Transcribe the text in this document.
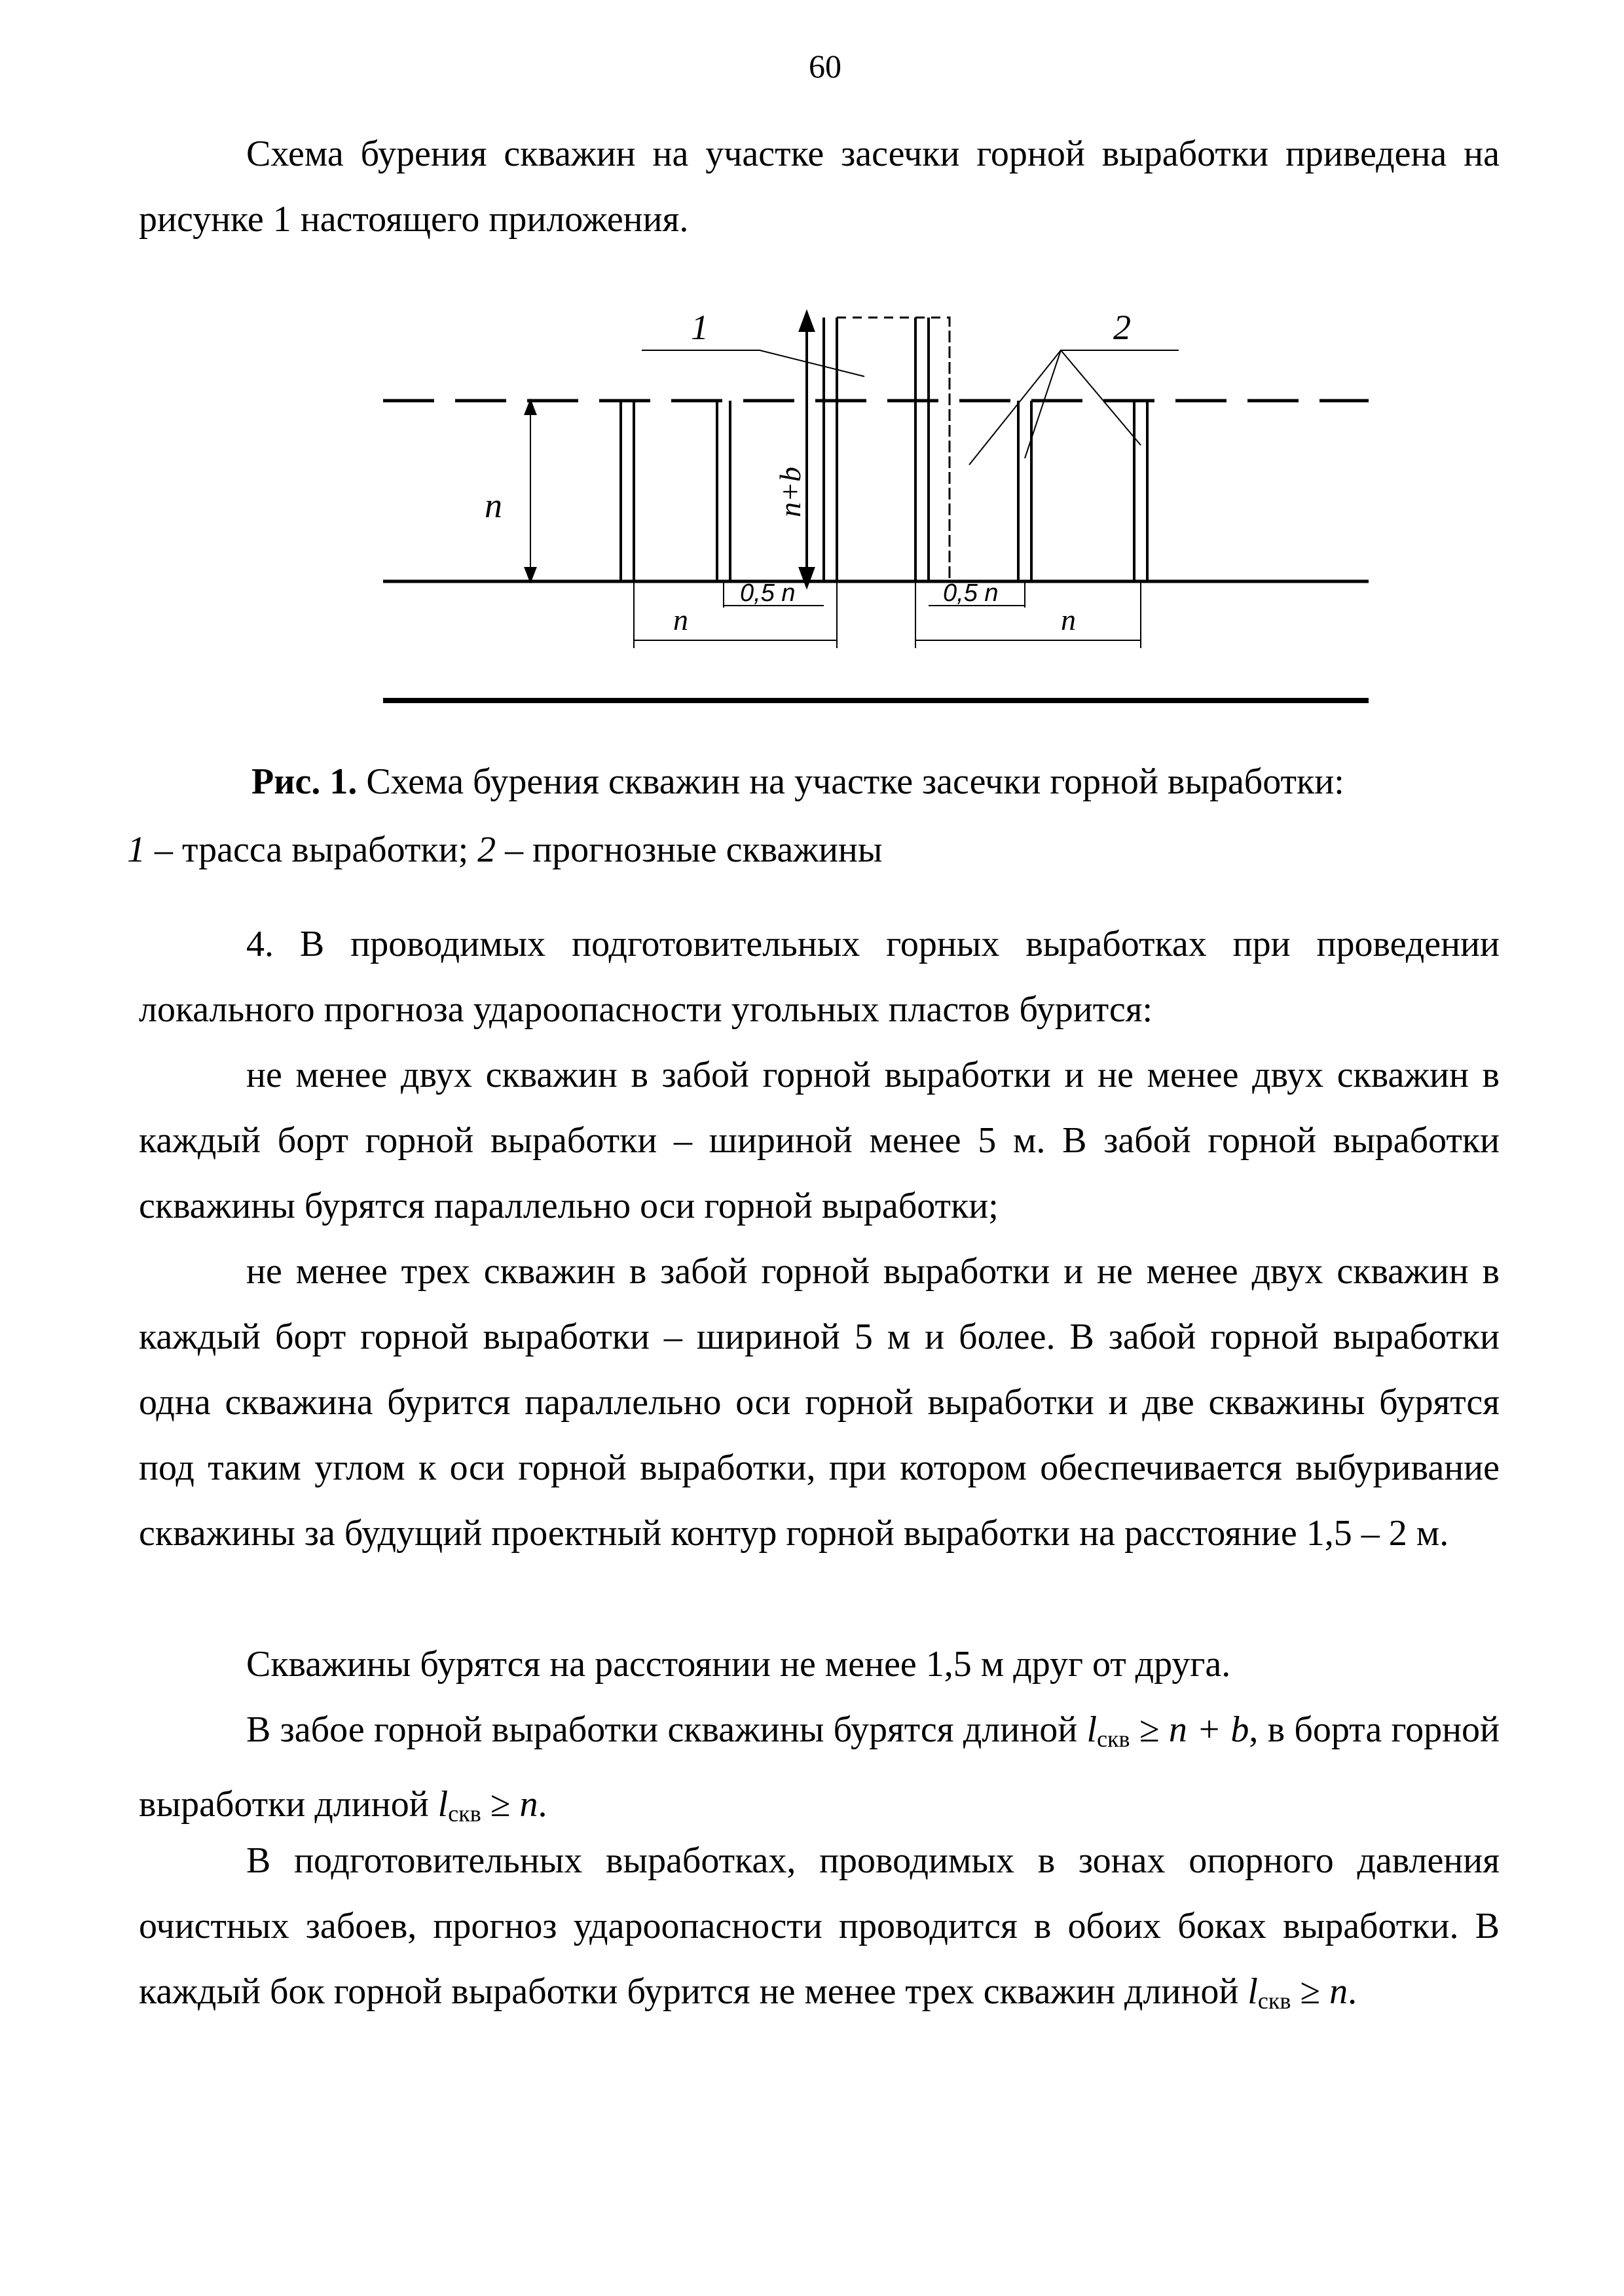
60

Схема бурения скважин на участке засечки горной выработки приведена на рисунке 1 настоящего приложения.

1	2
n	n+b
0,5 n	0,5 n
n	n
Рис. 1. Схема бурения скважин на участке засечки горной выработки:
1 – трасса выработки; 2 – прогнозные скважины

4. В проводимых подготовительных горных выработках при проведении локального прогноза удароопасности угольных пластов бурится:

не менее двух скважин в забой горной выработки и не менее двух скважин в каждый борт горной выработки – шириной менее 5 м. В забой горной выработки скважины бурятся параллельно оси горной выработки;

не менее трех скважин в забой горной выработки и не менее двух скважин в каждый борт горной выработки – шириной 5 м и более. В забой горной выработки одна скважина бурится параллельно оси горной выработки и две скважины бурятся под таким углом к оси горной выработки, при котором обеспечивается выбуривание скважины за будущий проектный контур горной выработки на расстояние 1,5 – 2 м.

Скважины бурятся на расстоянии не менее 1,5 м друг от друга.

В забое горной выработки скважины бурятся длиной $l_{скв} \ge n + b$, в борта горной выработки длиной $l_{скв} \ge n$.

В подготовительных выработках, проводимых в зонах опорного давления очистных забоев, прогноз удароопасности проводится в обоих боках выработки. В каждый бок горной выработки бурится не менее трех скважин длиной $l_{скв} \ge n$.
